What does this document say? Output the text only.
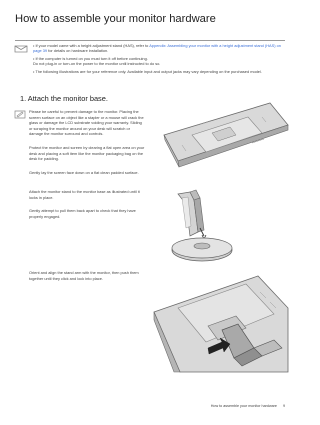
How to assemble your monitor hardware

• If your model came with a height adjustment stand (HAS), refer to Appendix: Assembling your monitor with a height adjustment stand (HAS) on page 39 for details on hardware installation.

• If the computer is turned on you must turn it off before continuing.
Do not plug-in or turn-on the power to the monitor until instructed to do so.

• The following illustrations are for your reference only. Available input and output jacks may vary depending on the purchased model.

1. Attach the monitor base.
Please be careful to prevent damage to the monitor. Placing the screen surface on an object like a stapler or a mouse will crack the glass or damage the LCD substrate voiding your warranty. Sliding or scraping the monitor around on your desk will scratch or damage the monitor surround and controls.
Protect the monitor and screen by clearing a flat open area on your desk and placing a soft item like the monitor packaging bag on the desk for padding.
Gently lay the screen face down on a flat clean padded surface.
Attach the monitor stand to the monitor base as illustrated until it locks in place.
Gently attempt to pull them back apart to check that they have properly engaged.
Orient and align the stand arm with the monitor, then push them together until they click and lock into place.
How to assemble your monitor hardware 9
